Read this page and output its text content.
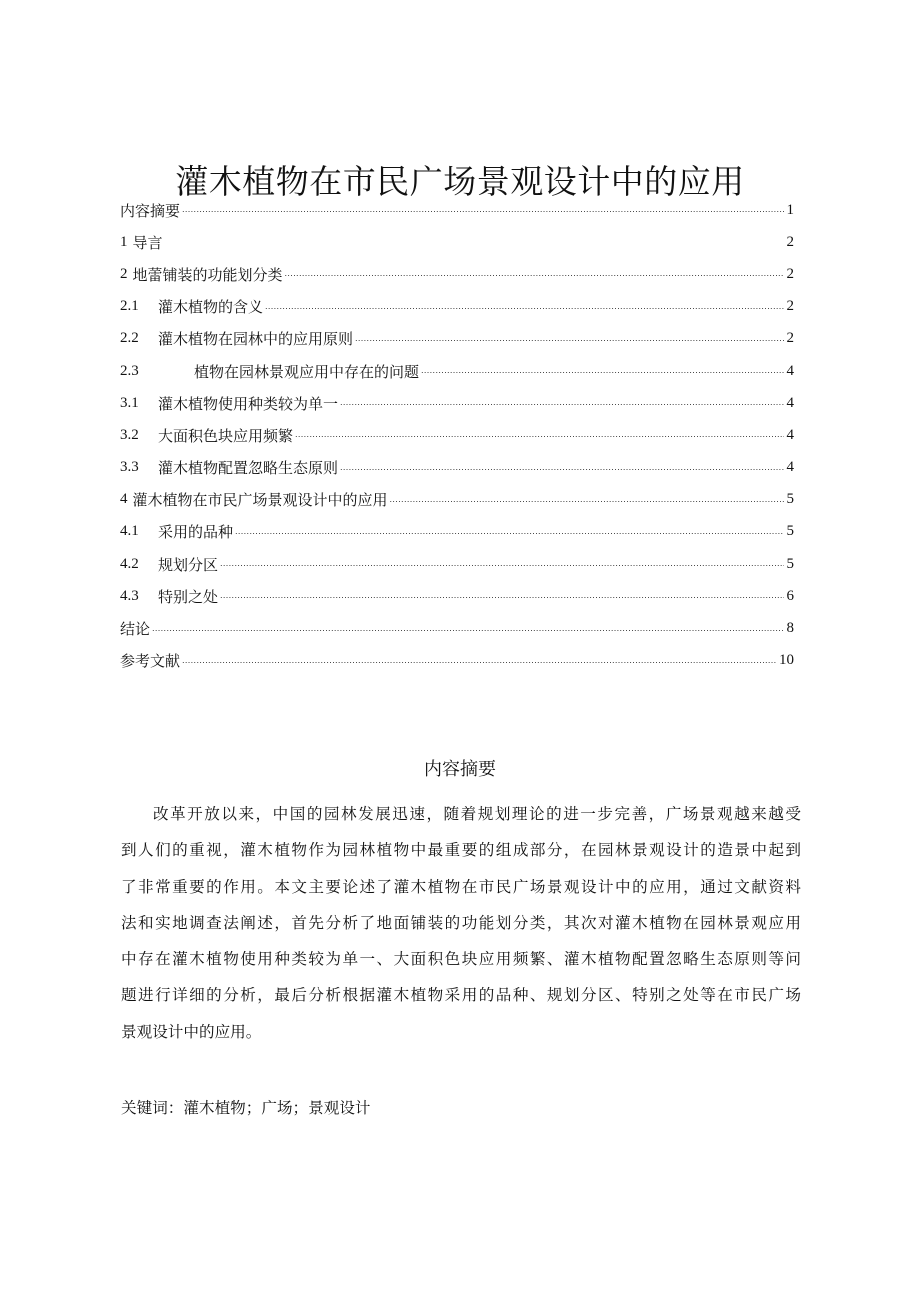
灌木植物在市民广场景观设计中的应用
内容摘要 . . .	1
1 导言	2
2 地蕾铺装的功能划分类 . . .	2
2.1	灌木植物的含义 . . .	2
2.2	灌木植物在园林中的应用原则 . . .	2
2.3	植物在园林景观应用中存在的问题 . . .	4
3.1	灌木植物使用种类较为单一 . . .	4
3.2	大面积色块应用频繁 . . .	4
3.3	灌木植物配置忽略生态原则 . . .	4
4 灌木植物在市民广场景观设计中的应用 . . .	5
4.1	采用的品种 . . .	5
4.2	规划分区 . . .	5
4.3	特别之处 . . .	6
结论 . . .	8
参考文献 . . .	10
内容摘要
改革开放以来，中国的园林发展迅速，随着规划理论的进一步完善，广场景观越来越受
到人们的重视，灌木植物作为园林植物中最重要的组成部分，在园林景观设计的造景中起到
了非常重要的作用。本文主要论述了灌木植物在市民广场景观设计中的应用，通过文献资料
法和实地调查法阐述，首先分析了地面铺装的功能划分类，其次对灌木植物在园林景观应用
中存在灌木植物使用种类较为单一、大面积色块应用频繁、灌木植物配置忽略生态原则等问
题进行详细的分析，最后分析根据灌木植物采用的品种、规划分区、特别之处等在市民广场
景观设计中的应用。
关键词：灌木植物；广场；景观设计
